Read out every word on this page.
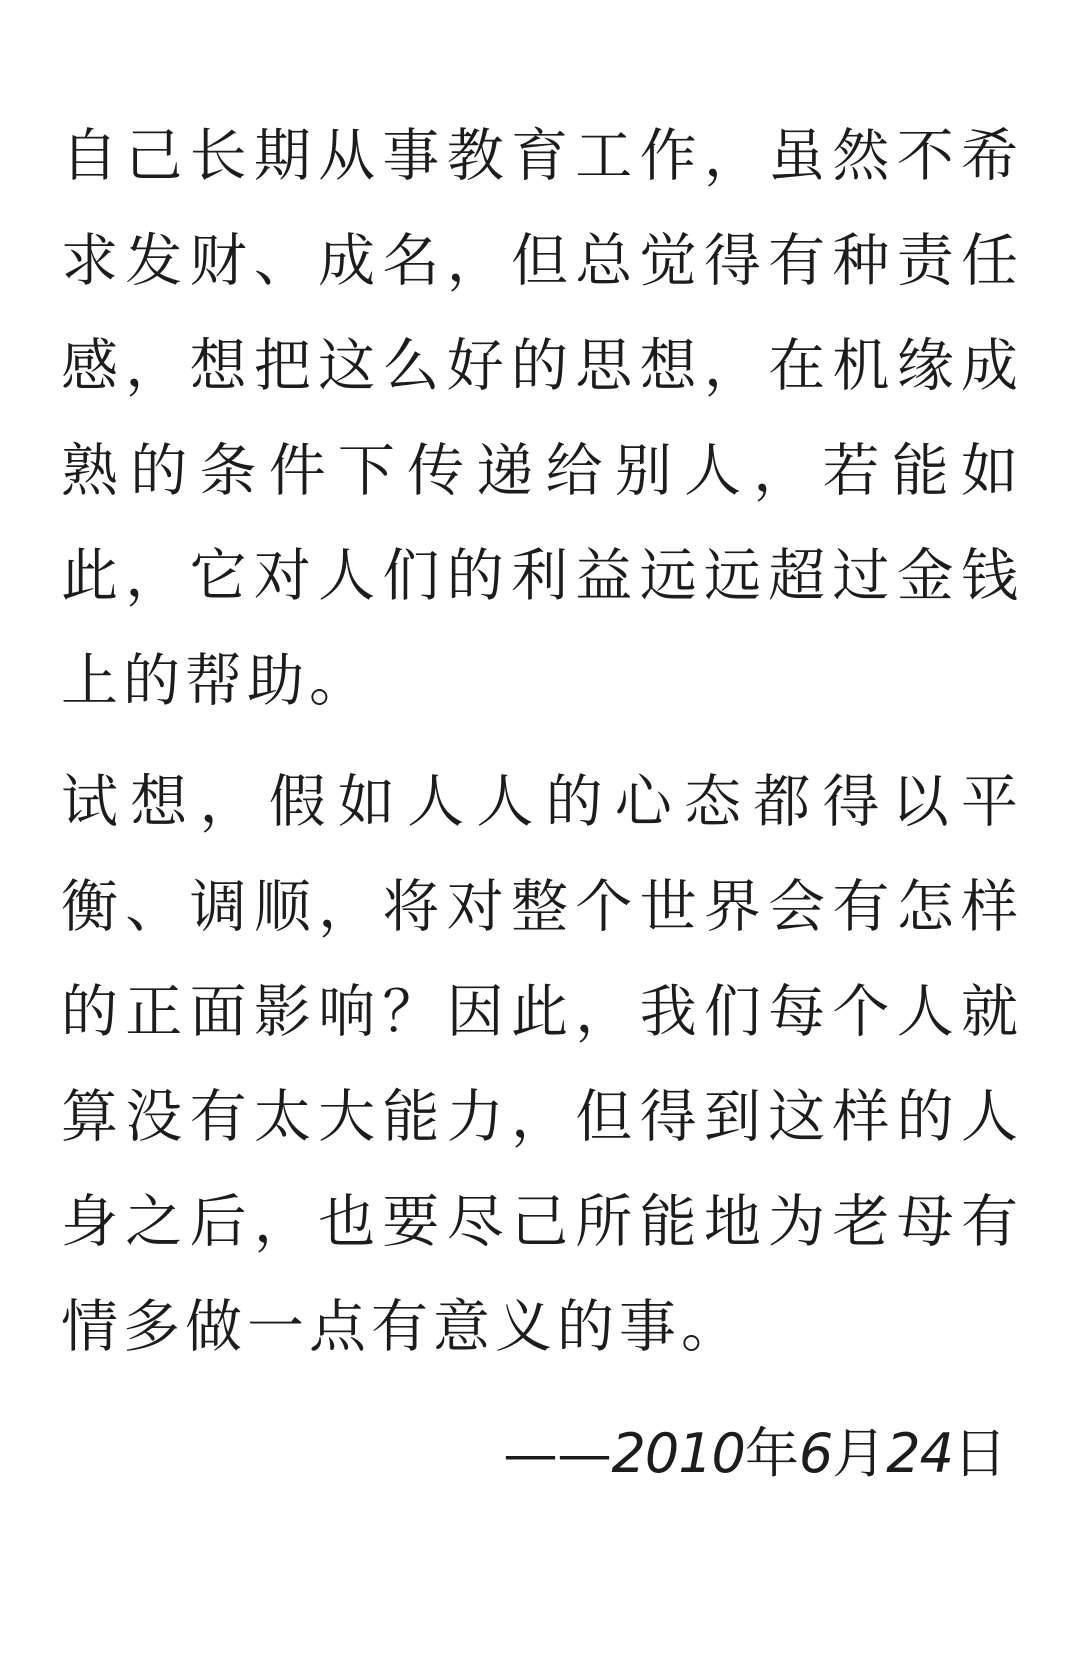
自己长期从事教育工作，虽然不希
求发财、成名，但总觉得有种责任
感，想把这么好的思想，在机缘成
熟的条件下传递给别人，若能如
此，它对人们的利益远远超过金钱
上的帮助。
试想，假如人人的心态都得以平
衡、调顺，将对整个世界会有怎样
的正面影响？因此，我们每个人就
算没有太大能力，但得到这样的人
身之后，也要尽己所能地为老母有
情多做一点有意义的事。
——2010年6月24日
